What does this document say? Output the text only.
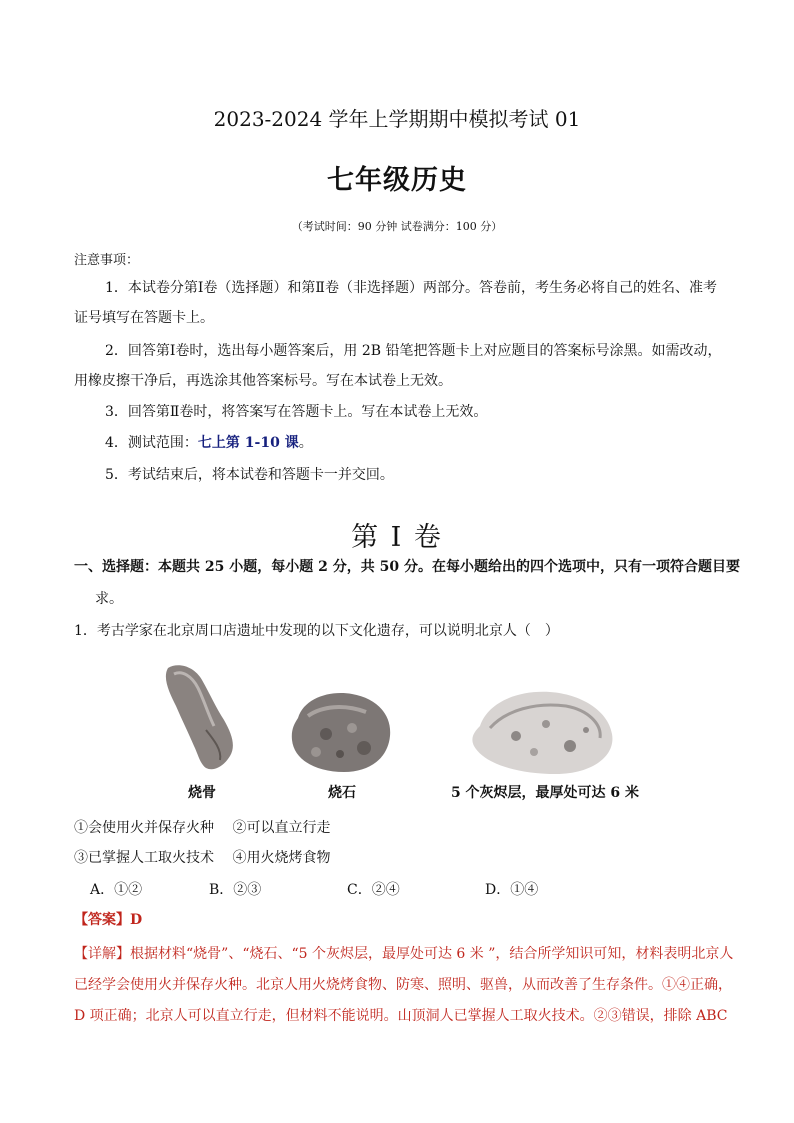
2023-2024 学年上学期期中模拟考试 01
七年级历史
（考试时间：90 分钟 试卷满分：100 分）
注意事项：
1．本试卷分第Ⅰ卷（选择题）和第Ⅱ卷（非选择题）两部分。答卷前，考生务必将自己的姓名、准考
证号填写在答题卡上。
2．回答第Ⅰ卷时，选出每小题答案后，用 2B 铅笔把答题卡上对应题目的答案标号涂黑。如需改动，
用橡皮擦干净后，再选涂其他答案标号。写在本试卷上无效。
3．回答第Ⅱ卷时，将答案写在答题卡上。写在本试卷上无效。
4．测试范围：七上第 1-10 课。
5．考试结束后，将本试卷和答题卡一并交回。
第 I 卷
一、选择题：本题共 25 小题，每小题 2 分，共 50 分。在每小题给出的四个选项中，只有一项符合题目要
求。
1．考古学家在北京周口店遗址中发现的以下文化遗存，可以说明北京人（　）
烧骨	烧石	5 个灰烬层，最厚处可达 6 米
①会使用火并保存火种　 ②可以直立行走
③已掌握人工取火技术　 ④用火烧烤食物
A．①②	B．②③	C．②④	D．①④
【答案】D
【详解】根据材料“烧骨”、“烧石、“5 个灰烬层，最厚处可达 6 米 ”，结合所学知识可知，材料表明北京人
已经学会使用火并保存火种。北京人用火烧烤食物、防寒、照明、驱兽，从而改善了生存条件。①④正确，
D 项正确；北京人可以直立行走，但材料不能说明。山顶洞人已掌握人工取火技术。②③错误，排除 ABC
